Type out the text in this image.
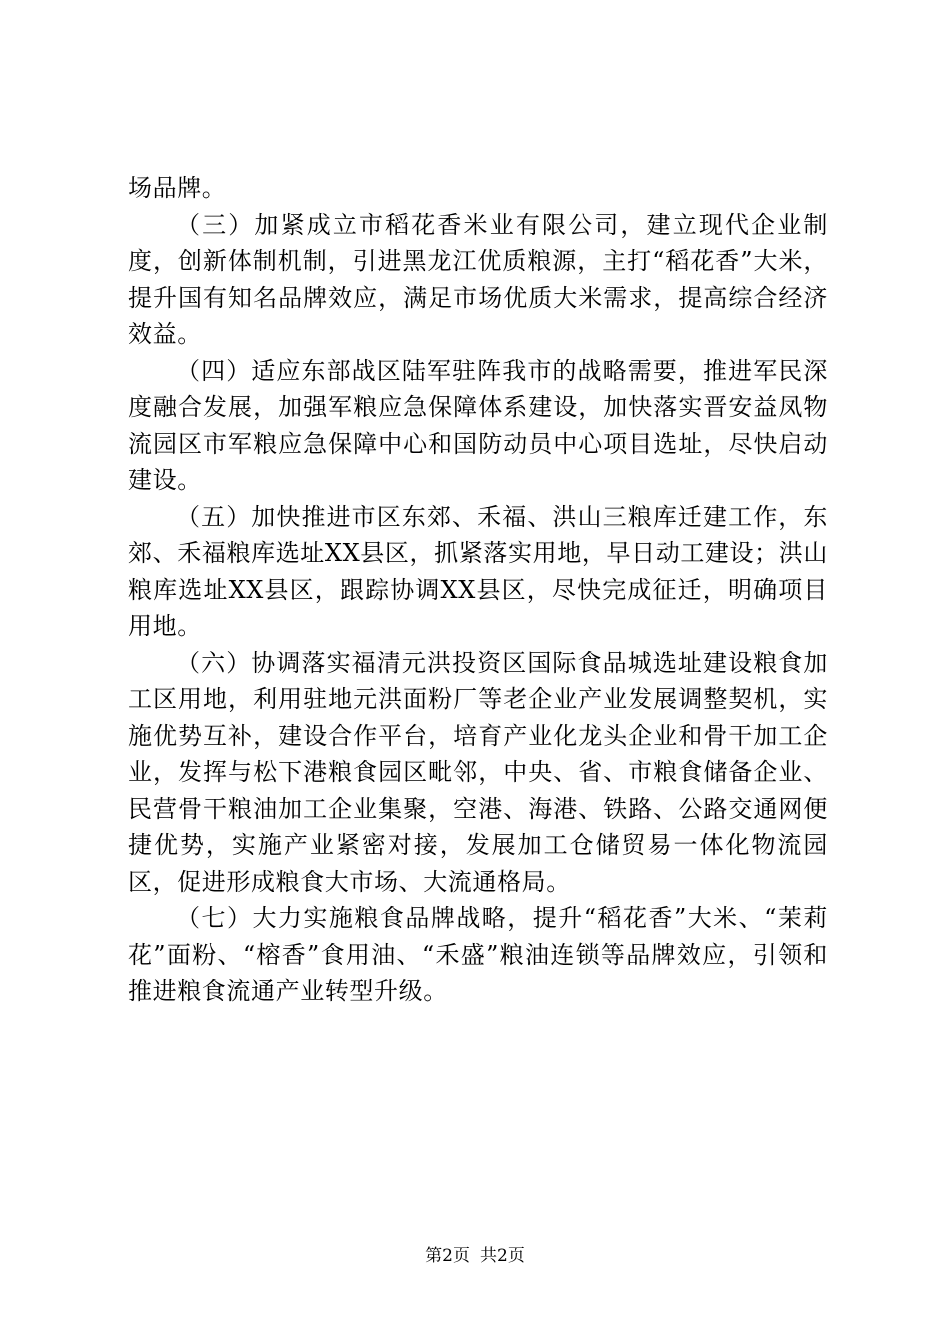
场品牌。

（三）加紧成立市稻花香米业有限公司，建立现代企业制度，创新体制机制，引进黑龙江优质粮源，主打“稻花香”大米，提升国有知名品牌效应，满足市场优质大米需求，提高综合经济效益。

（四）适应东部战区陆军驻阵我市的战略需要，推进军民深度融合发展，加强军粮应急保障体系建设，加快落实晋安益凤物流园区市军粮应急保障中心和国防动员中心项目选址，尽快启动建设。

（五）加快推进市区东郊、禾福、洪山三粮库迁建工作，东郊、禾福粮库选址XX县区，抓紧落实用地，早日动工建设；洪山粮库选址XX县区，跟踪协调XX县区，尽快完成征迁，明确项目用地。

（六）协调落实福清元洪投资区国际食品城选址建设粮食加工区用地，利用驻地元洪面粉厂等老企业产业发展调整契机，实施优势互补，建设合作平台，培育产业化龙头企业和骨干加工企业，发挥与松下港粮食园区毗邻，中央、省、市粮食储备企业、民营骨干粮油加工企业集聚，空港、海港、铁路、公路交通网便捷优势，实施产业紧密对接，发展加工仓储贸易一体化物流园区，促进形成粮食大市场、大流通格局。

（七）大力实施粮食品牌战略，提升“稻花香”大米、“茉莉花”面粉、“榕香”食用油、“禾盛”粮油连锁等品牌效应，引领和推进粮食流通产业转型升级。

第2页 共2页
